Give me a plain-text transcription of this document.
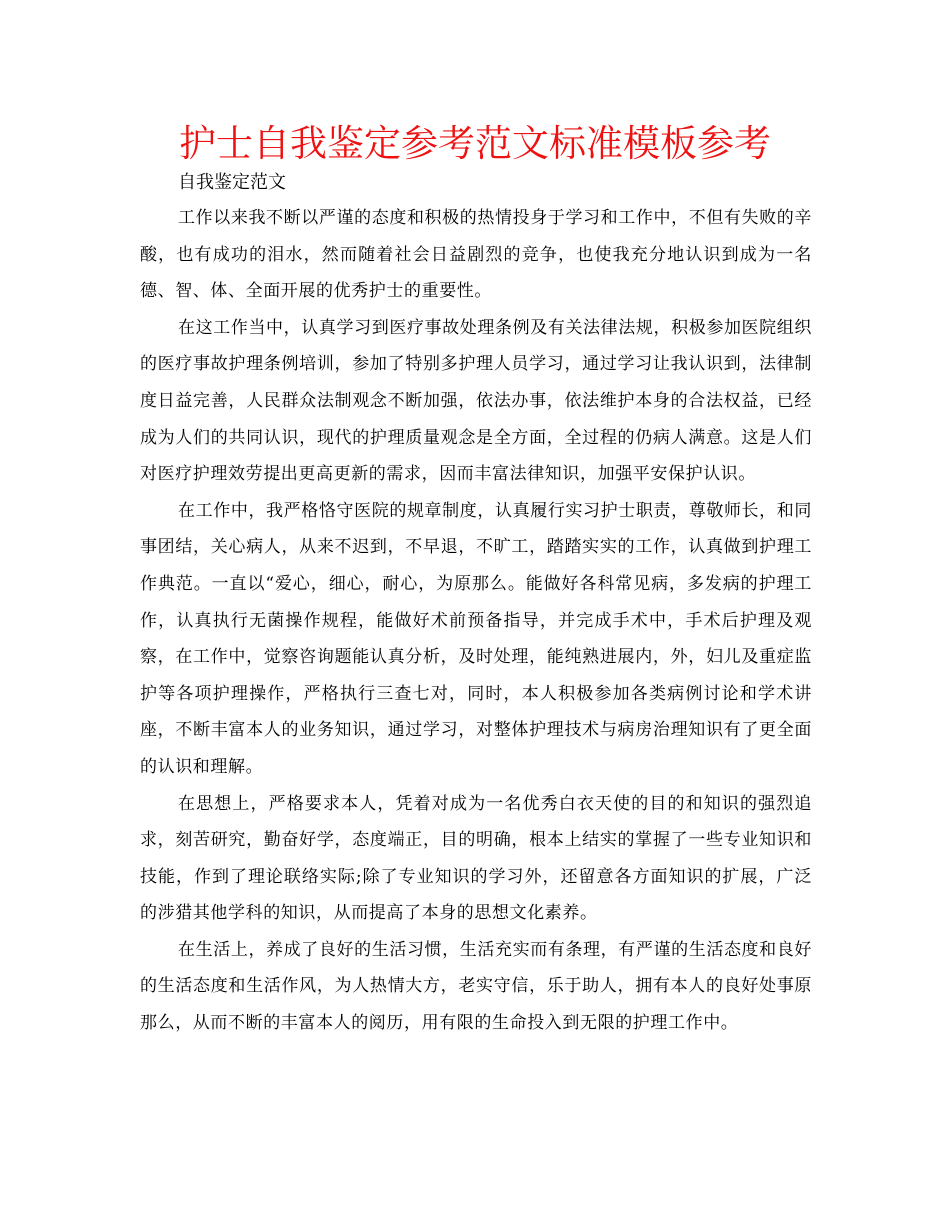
护士自我鉴定参考范文标准模板参考
自我鉴定范文

工作以来我不断以严谨的态度和积极的热情投身于学习和工作中，不但有失败的辛酸，也有成功的泪水，然而随着社会日益剧烈的竞争，也使我充分地认识到成为一名德、智、体、全面开展的优秀护士的重要性。

在这工作当中，认真学习到医疗事故处理条例及有关法律法规，积极参加医院组织的医疗事故护理条例培训，参加了特别多护理人员学习，通过学习让我认识到，法律制度日益完善，人民群众法制观念不断加强，依法办事，依法维护本身的合法权益，已经成为人们的共同认识，现代的护理质量观念是全方面，全过程的仍病人满意。这是人们对医疗护理效劳提出更高更新的需求，因而丰富法律知识，加强平安保护认识。

在工作中，我严格恪守医院的规章制度，认真履行实习护士职责，尊敬师长，和同事团结，关心病人，从来不迟到，不早退，不旷工，踏踏实实的工作，认真做到护理工作典范。一直以“爱心，细心，耐心，为原那么。能做好各科常见病，多发病的护理工作，认真执行无菌操作规程，能做好术前预备指导，并完成手术中，手术后护理及观察，在工作中，觉察咨询题能认真分析，及时处理，能纯熟进展内，外，妇儿及重症监护等各项护理操作，严格执行三查七对，同时，本人积极参加各类病例讨论和学术讲座，不断丰富本人的业务知识，通过学习，对整体护理技术与病房治理知识有了更全面的认识和理解。

在思想上，严格要求本人，凭着对成为一名优秀白衣天使的目的和知识的强烈追求，刻苦研究，勤奋好学，态度端正，目的明确，根本上结实的掌握了一些专业知识和技能，作到了理论联络实际;除了专业知识的学习外，还留意各方面知识的扩展，广泛的涉猎其他学科的知识，从而提高了本身的思想文化素养。

在生活上，养成了良好的生活习惯，生活充实而有条理，有严谨的生活态度和良好的生活态度和生活作风，为人热情大方，老实守信，乐于助人，拥有本人的良好处事原那么，从而不断的丰富本人的阅历，用有限的生命投入到无限的护理工作中。
